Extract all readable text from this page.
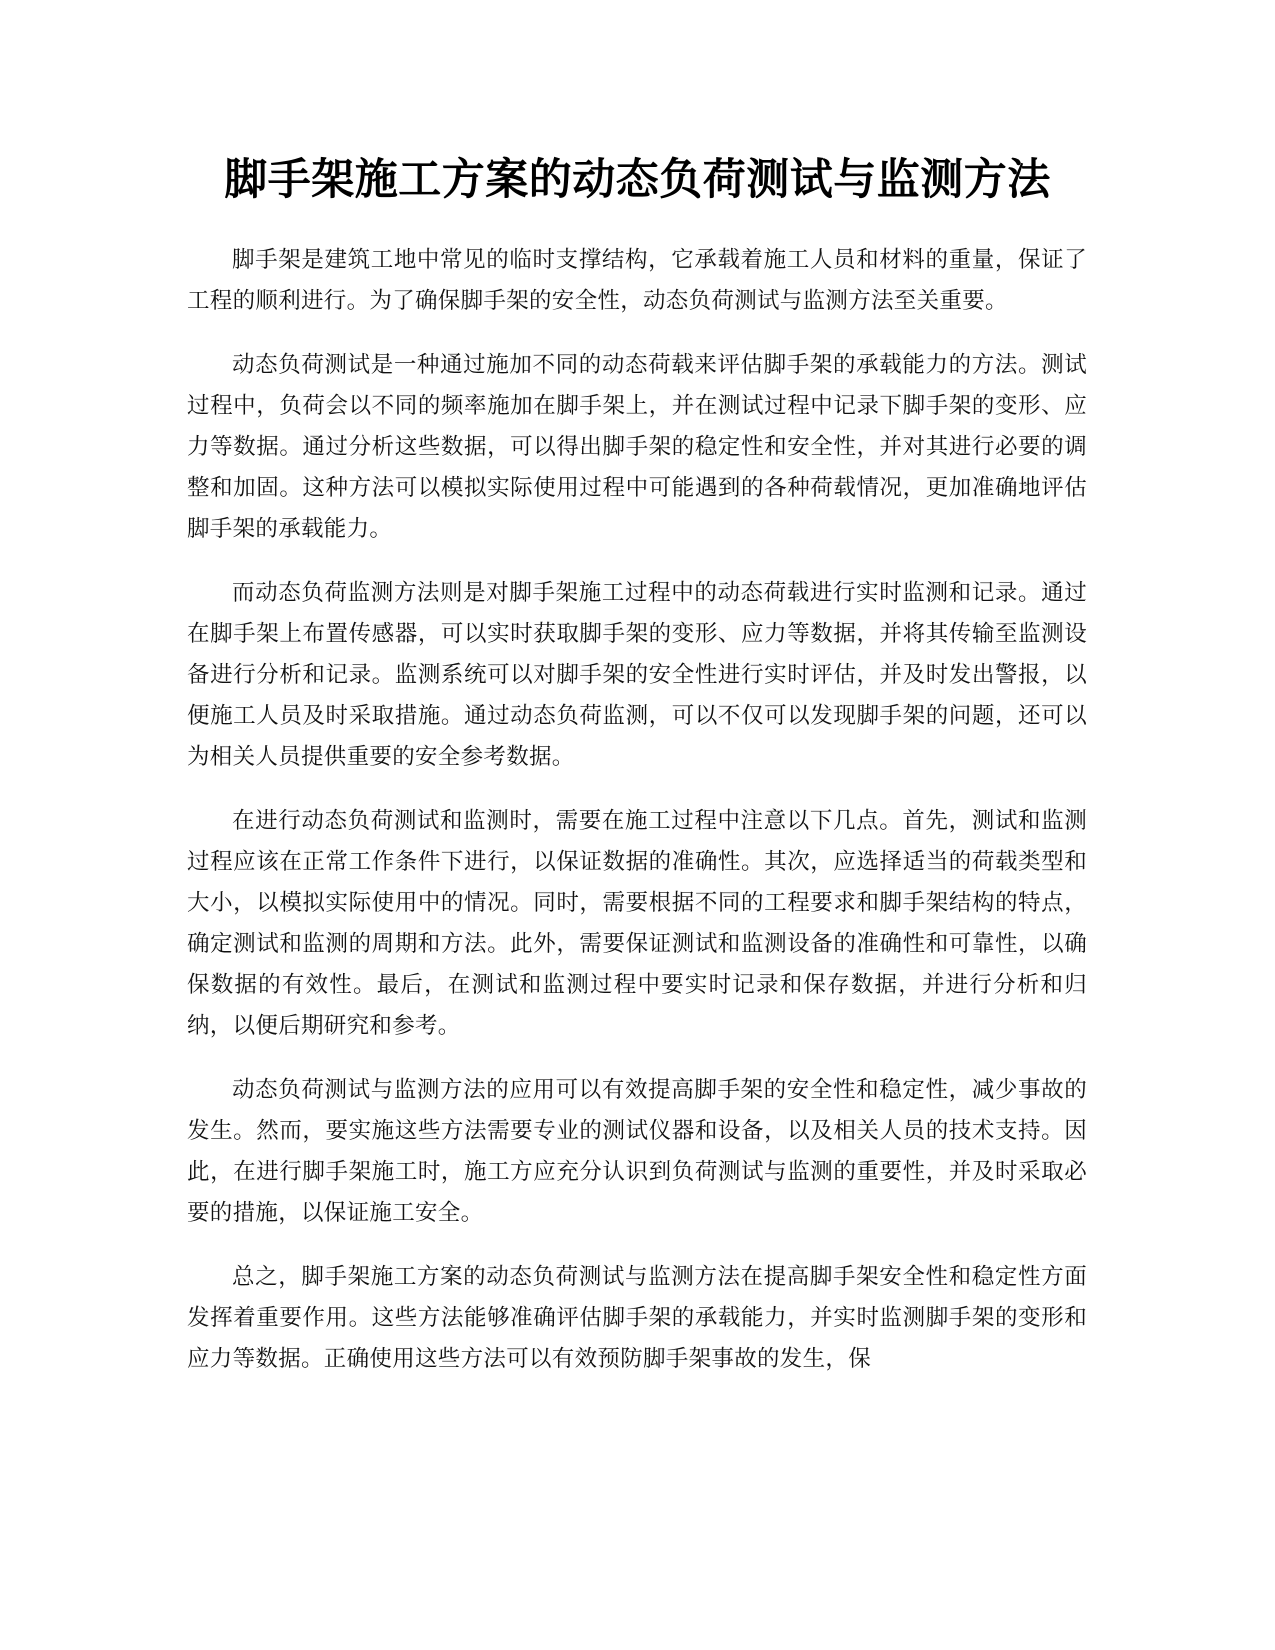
脚手架施工方案的动态负荷测试与监测方法

脚手架是建筑工地中常见的临时支撑结构，它承载着施工人员和材料的重量，保证了工程的顺利进行。为了确保脚手架的安全性，动态负荷测试与监测方法至关重要。

动态负荷测试是一种通过施加不同的动态荷载来评估脚手架的承载能力的方法。测试过程中，负荷会以不同的频率施加在脚手架上，并在测试过程中记录下脚手架的变形、应力等数据。通过分析这些数据，可以得出脚手架的稳定性和安全性，并对其进行必要的调整和加固。这种方法可以模拟实际使用过程中可能遇到的各种荷载情况，更加准确地评估脚手架的承载能力。

而动态负荷监测方法则是对脚手架施工过程中的动态荷载进行实时监测和记录。通过在脚手架上布置传感器，可以实时获取脚手架的变形、应力等数据，并将其传输至监测设备进行分析和记录。监测系统可以对脚手架的安全性进行实时评估，并及时发出警报，以便施工人员及时采取措施。通过动态负荷监测，可以不仅可以发现脚手架的问题，还可以为相关人员提供重要的安全参考数据。

在进行动态负荷测试和监测时，需要在施工过程中注意以下几点。首先，测试和监测过程应该在正常工作条件下进行，以保证数据的准确性。其次，应选择适当的荷载类型和大小，以模拟实际使用中的情况。同时，需要根据不同的工程要求和脚手架结构的特点，确定测试和监测的周期和方法。此外，需要保证测试和监测设备的准确性和可靠性，以确保数据的有效性。最后，在测试和监测过程中要实时记录和保存数据，并进行分析和归纳，以便后期研究和参考。

动态负荷测试与监测方法的应用可以有效提高脚手架的安全性和稳定性，减少事故的发生。然而，要实施这些方法需要专业的测试仪器和设备，以及相关人员的技术支持。因此，在进行脚手架施工时，施工方应充分认识到负荷测试与监测的重要性，并及时采取必要的措施，以保证施工安全。

总之，脚手架施工方案的动态负荷测试与监测方法在提高脚手架安全性和稳定性方面发挥着重要作用。这些方法能够准确评估脚手架的承载能力，并实时监测脚手架的变形和应力等数据。正确使用这些方法可以有效预防脚手架事故的发生，保
